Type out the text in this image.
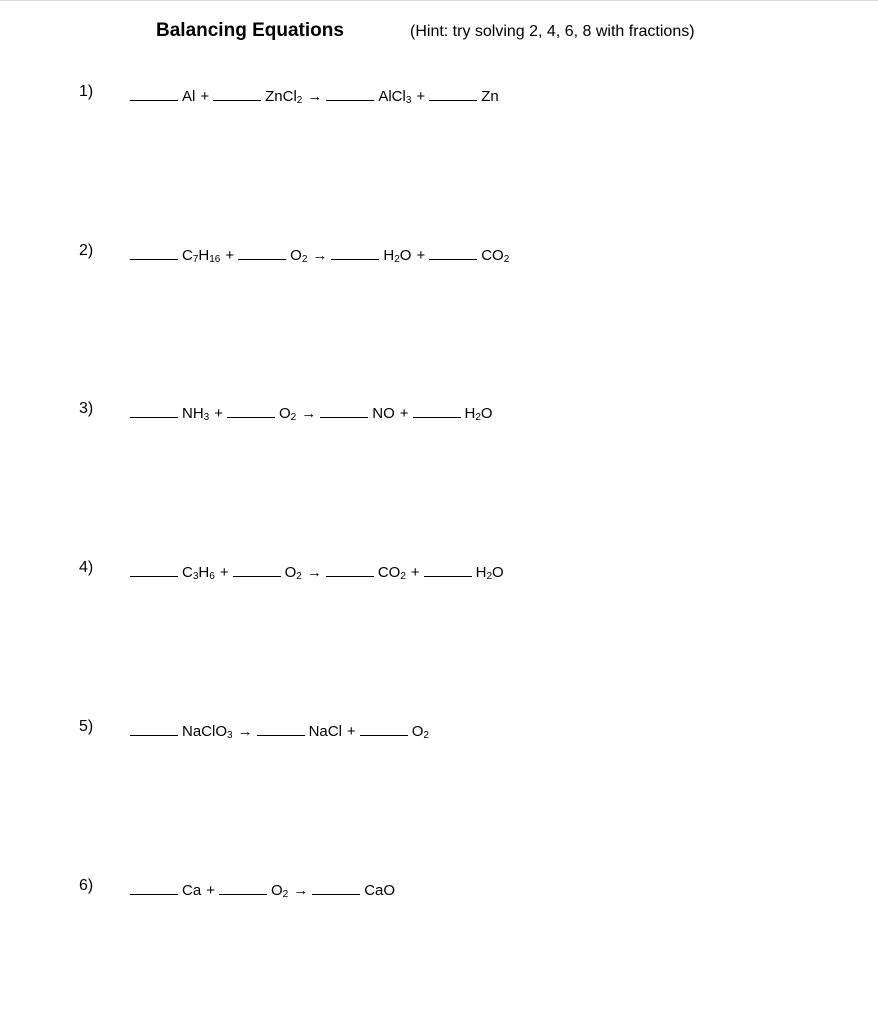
Balancing Equations	(Hint: try solving 2, 4, 6, 8 with fractions)
1)	Al +	ZnCl$_2$ →	AlCl$_3$ +	Zn
2)	$C_7H_{16}$ +	$O_2$ →	$H_2O$ +	$CO_2$
3)	$NH_3$ +	$O_2$ →	NO +	$H_2O$
4)	$C_3H_6$ +	$O_2$ →	$CO_2$ +	$H_2O$
5)	NaClO$_3$ →	NaCl +	$O_2$
6)	Ca +	$O_2$ →	CaO
